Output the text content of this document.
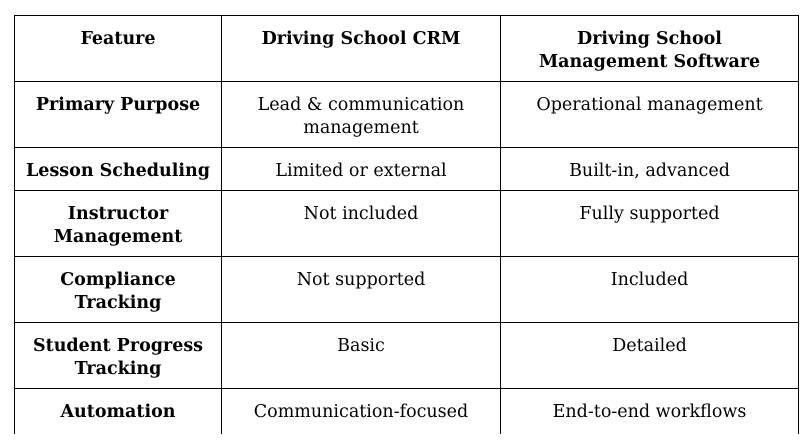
Feature	Driving School CRM	Driving School Management Software
Primary Purpose	Lead & communication management	Operational management
Lesson Scheduling	Limited or external	Built-in, advanced
Instructor Management	Not included	Fully supported
Compliance Tracking	Not supported	Included
Student Progress Tracking	Basic	Detailed
Automation	Communication-focused	End-to-end workflows
